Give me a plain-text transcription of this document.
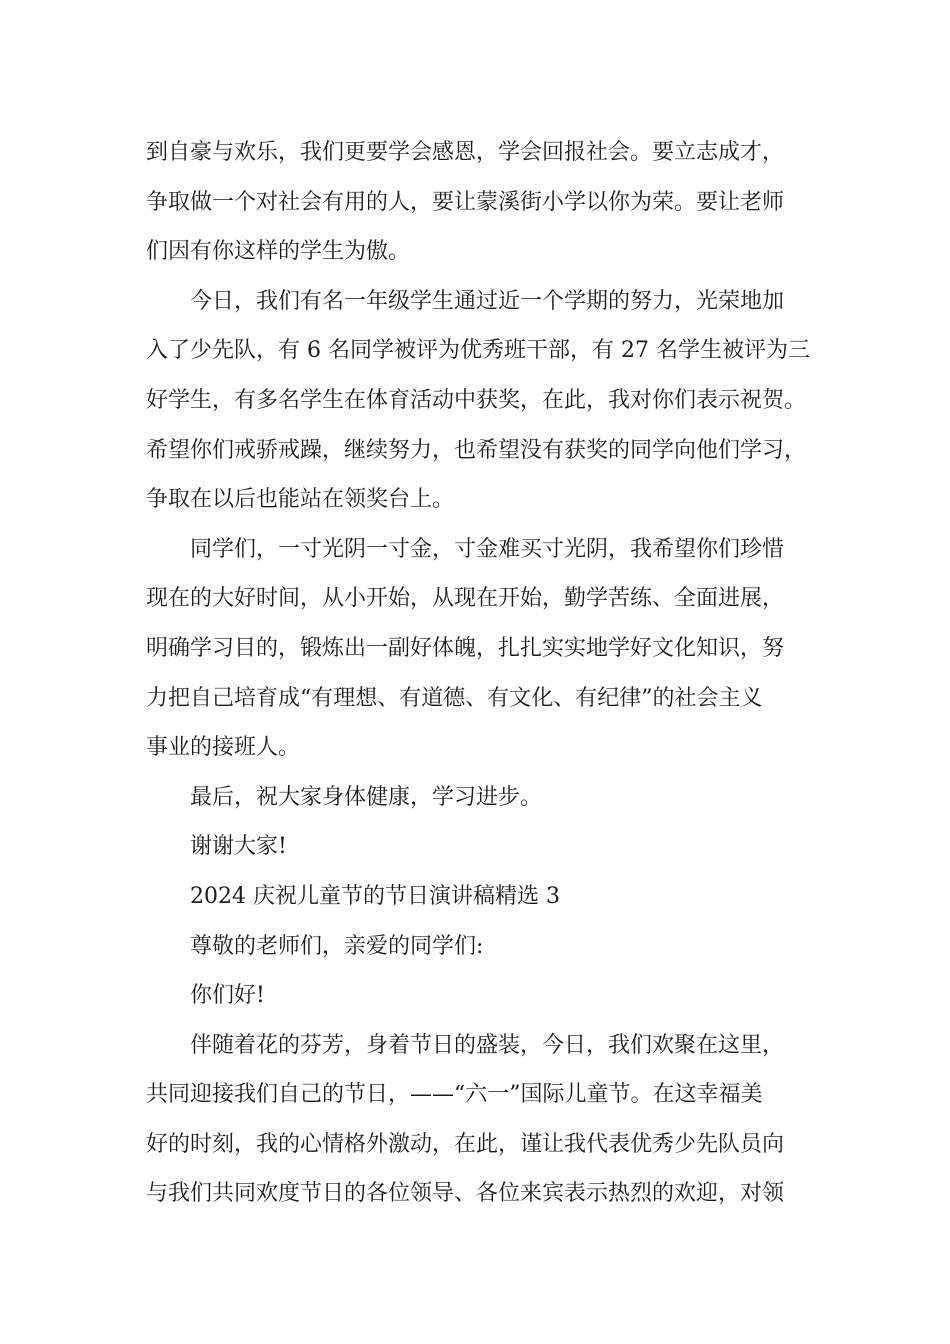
到自豪与欢乐，我们更要学会感恩，学会回报社会。要立志成才，
争取做一个对社会有用的人，要让蒙溪街小学以你为荣。要让老师
们因有你这样的学生为傲。
今日，我们有名一年级学生通过近一个学期的努力，光荣地加
入了少先队，有 6 名同学被评为优秀班干部，有 27 名学生被评为三
好学生，有多名学生在体育活动中获奖，在此，我对你们表示祝贺。
希望你们戒骄戒躁，继续努力，也希望没有获奖的同学向他们学习，
争取在以后也能站在领奖台上。
同学们，一寸光阴一寸金，寸金难买寸光阴，我希望你们珍惜
现在的大好时间，从小开始，从现在开始，勤学苦练、全面进展，
明确学习目的，锻炼出一副好体魄，扎扎实实地学好文化知识，努
力把自己培育成“有理想、有道德、有文化、有纪律”的社会主义
事业的接班人。
最后，祝大家身体健康，学习进步。
谢谢大家!
2024 庆祝儿童节的节日演讲稿精选 3
尊敬的老师们，亲爱的同学们:
你们好!
伴随着花的芬芳，身着节日的盛装，今日，我们欢聚在这里，
共同迎接我们自己的节日，——“六一”国际儿童节。在这幸福美
好的时刻，我的心情格外激动，在此，谨让我代表优秀少先队员向
与我们共同欢度节日的各位领导、各位来宾表示热烈的欢迎，对领
